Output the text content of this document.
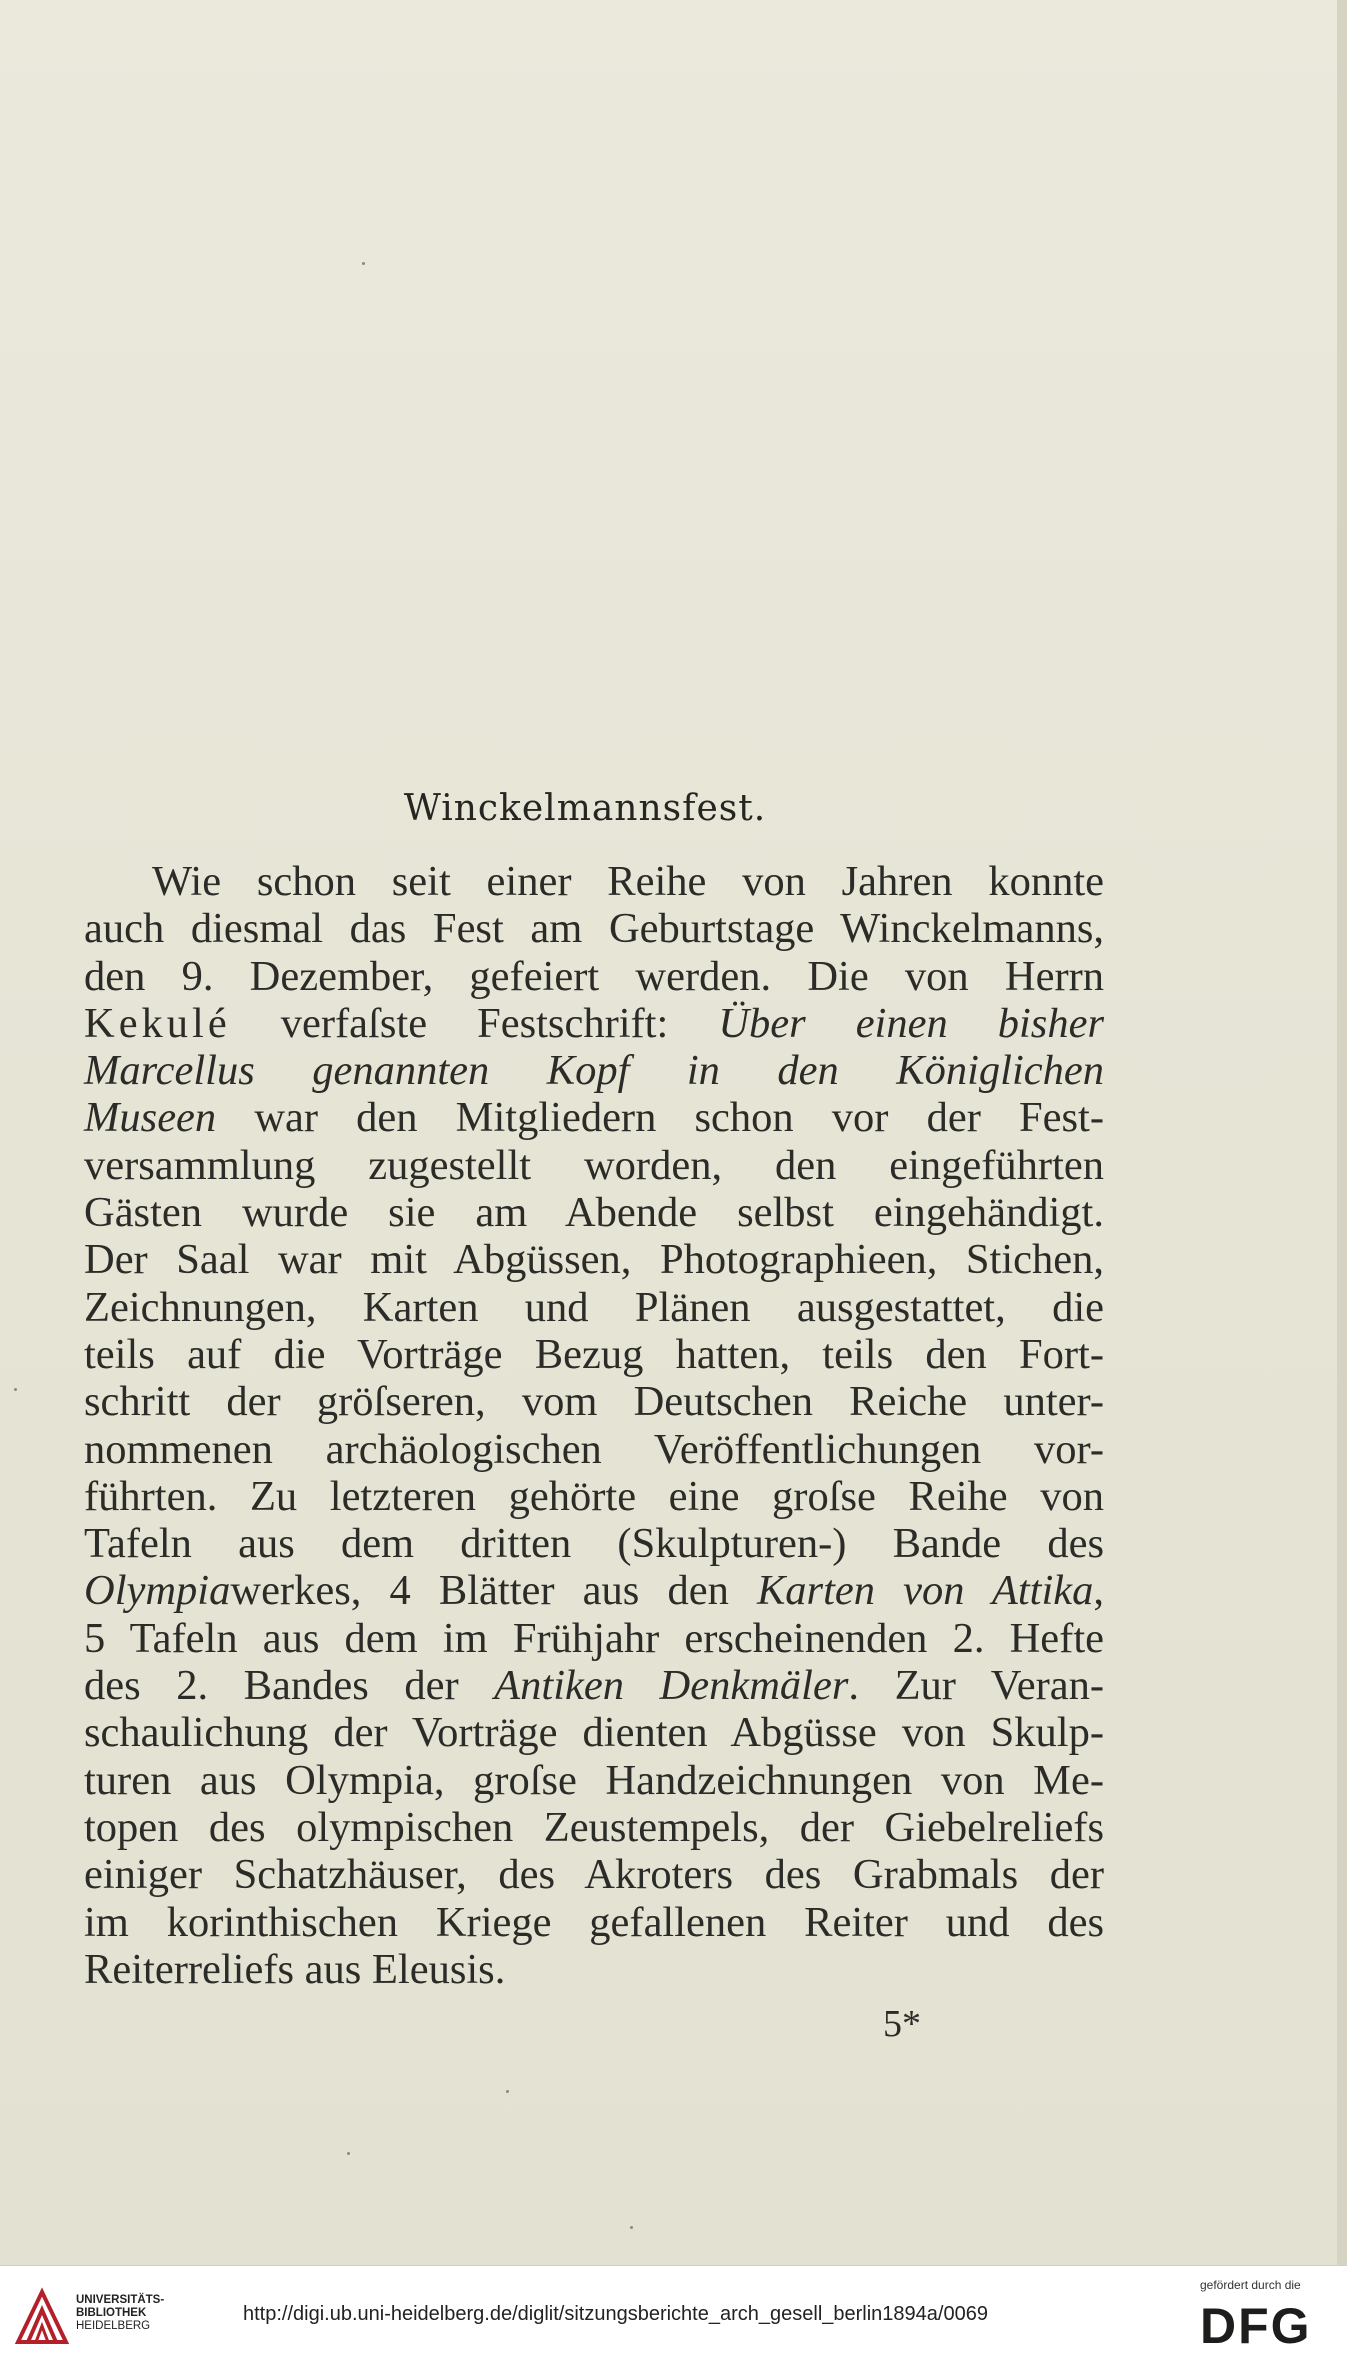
Winckelmannsfest.
Wie schon seit einer Reihe von Jahren konnte
auch diesmal das Fest am Geburtstage Winckelmanns,
den 9. Dezember, gefeiert werden. Die von Herrn
Kekulé verfaſste Festschrift: Über einen bisher
Marcellus genannten Kopf in den Königlichen
Museen war den Mitgliedern schon vor der Fest-
versammlung zugestellt worden, den eingeführten
Gästen wurde sie am Abende selbst eingehändigt.
Der Saal war mit Abgüssen, Photographieen, Stichen,
Zeichnungen, Karten und Plänen ausgestattet, die
teils auf die Vorträge Bezug hatten, teils den Fort-
schritt der gröſseren, vom Deutschen Reiche unter-
nommenen archäologischen Veröffentlichungen vor-
führten. Zu letzteren gehörte eine groſse Reihe von
Tafeln aus dem dritten (Skulpturen-) Bande des
Olympiawerkes, 4 Blätter aus den Karten von Attika,
5 Tafeln aus dem im Frühjahr erscheinenden 2. Hefte
des 2. Bandes der Antiken Denkmäler. Zur Veran-
schaulichung der Vorträge dienten Abgüsse von Skulp-
turen aus Olympia, groſse Handzeichnungen von Me-
topen des olympischen Zeustempels, der Giebelreliefs
einiger Schatzhäuser, des Akroters des Grabmals der
im korinthischen Kriege gefallenen Reiter und des
Reiterreliefs aus Eleusis.
5*
UNIVERSITÄTS-
BIBLIOTHEK
HEIDELBERG
http://digi.ub.uni-heidelberg.de/diglit/sitzungsberichte_arch_gesell_berlin1894a/0069
gefördert durch die
DFG
